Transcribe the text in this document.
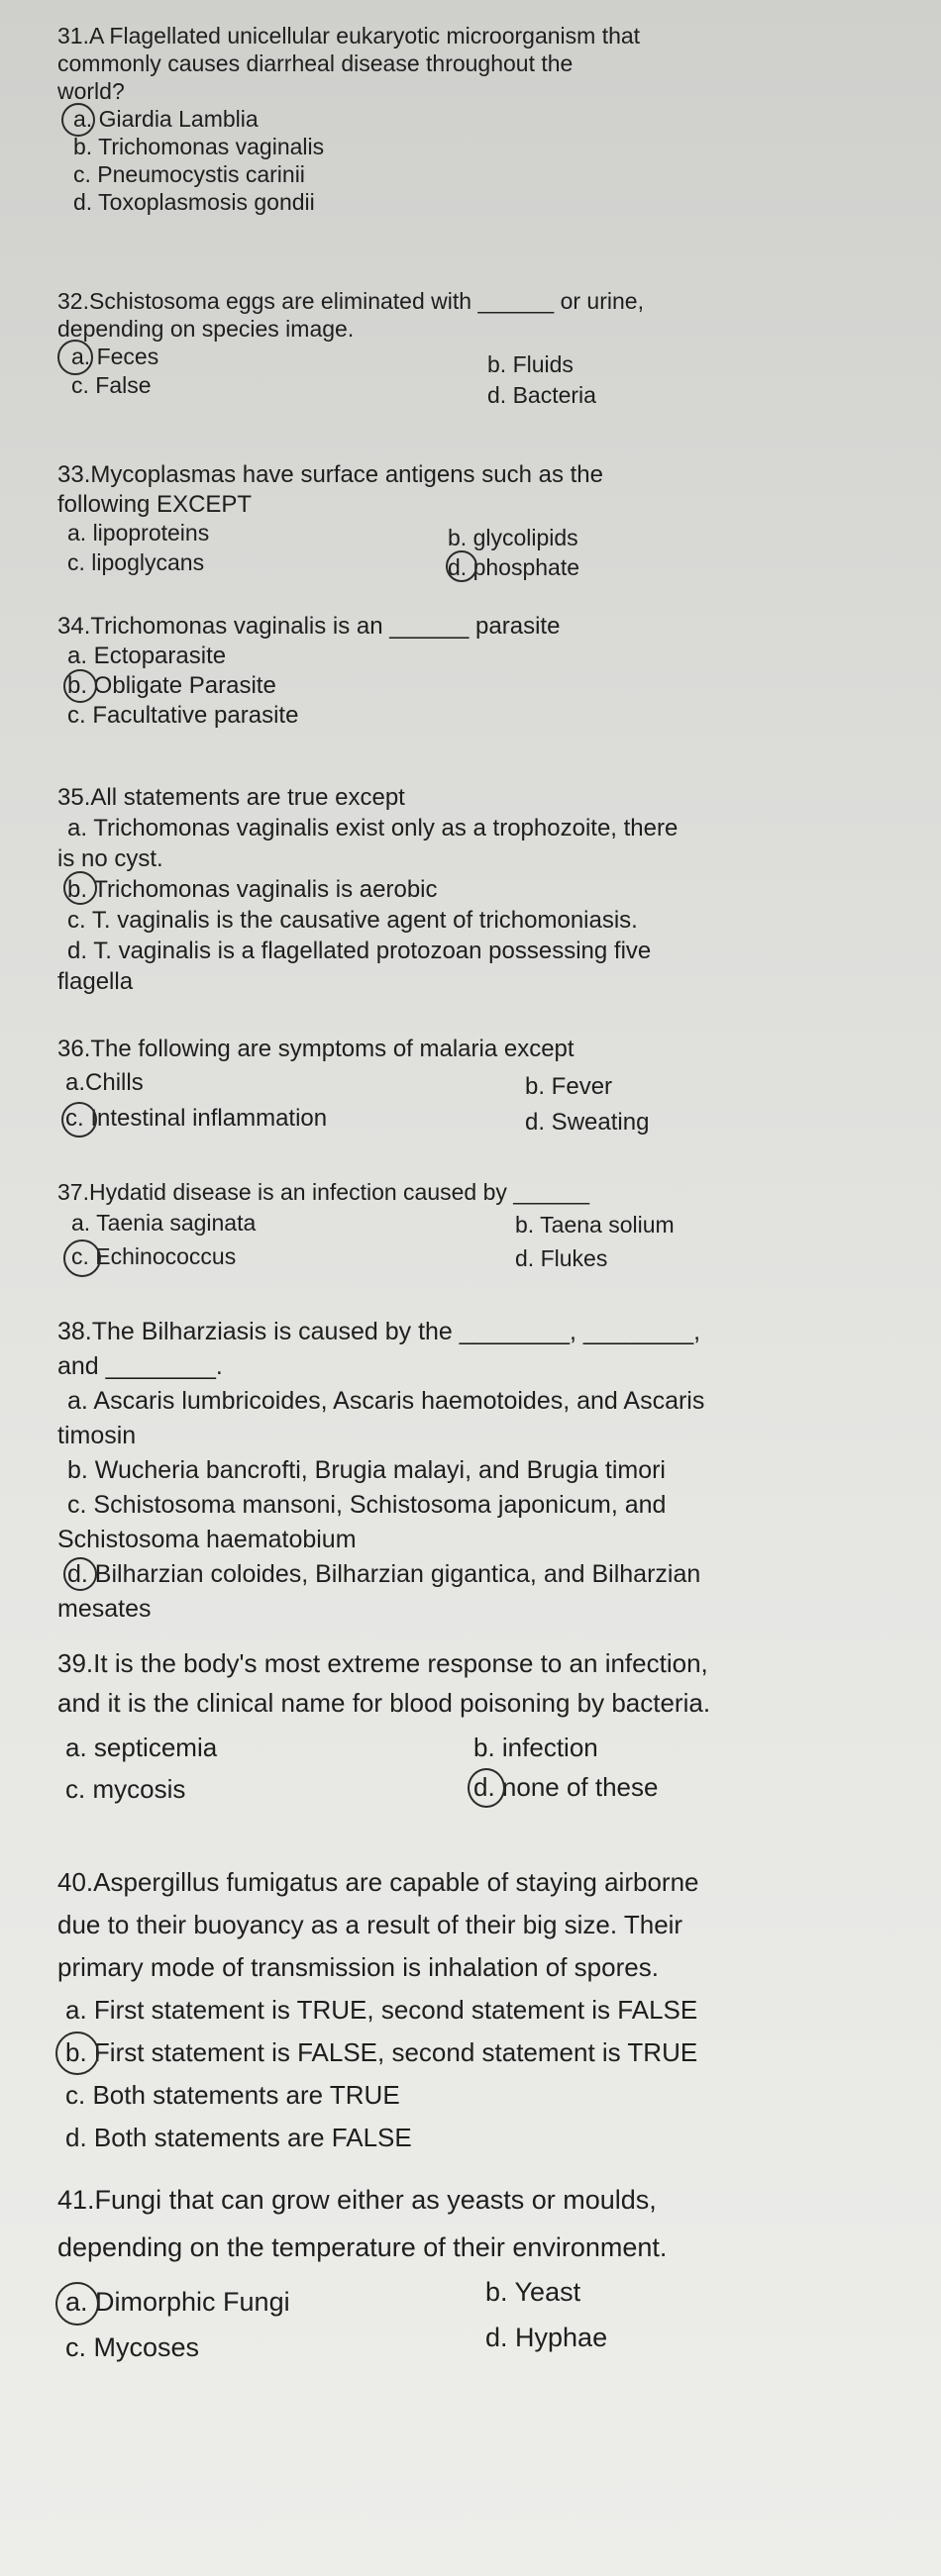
31.A Flagellated unicellular eukaryotic microorganism that
commonly causes diarrheal disease throughout the
world?
a. Giardia Lamblia
b. Trichomonas vaginalis
c. Pneumocystis carinii
d. Toxoplasmosis gondii
32.Schistosoma eggs are eliminated with ______ or urine,
depending on species image.
a. Feces	b. Fluids
c. False	d. Bacteria
33.Mycoplasmas have surface antigens such as the
following EXCEPT
a. lipoproteins	b. glycolipids
c. lipoglycans	d. phosphate
34.Trichomonas vaginalis is an ______ parasite
a. Ectoparasite
b. Obligate Parasite
c. Facultative parasite
35.All statements are true except
a. Trichomonas vaginalis exist only as a trophozoite, there
is no cyst.
b. Trichomonas vaginalis is aerobic
c. T. vaginalis is the causative agent of trichomoniasis.
d. T. vaginalis is a flagellated protozoan possessing five
flagella
36.The following are symptoms of malaria except
a.Chills	b. Fever
c. Intestinal inflammation	d. Sweating
37.Hydatid disease is an infection caused by ______
a. Taenia saginata	b. Taena solium
c. Echinococcus	d. Flukes
38.The Bilharziasis is caused by the ________, ________,
and ________.
a. Ascaris lumbricoides, Ascaris haemotoides, and Ascaris
timosin
b. Wucheria bancrofti, Brugia malayi, and Brugia timori
c. Schistosoma mansoni, Schistosoma japonicum, and
Schistosoma haematobium
d. Bilharzian coloides, Bilharzian gigantica, and Bilharzian
mesates
39.It is the body's most extreme response to an infection,
and it is the clinical name for blood poisoning by bacteria.
a. septicemia	b. infection
c. mycosis	d. none of these
40.Aspergillus fumigatus are capable of staying airborne
due to their buoyancy as a result of their big size. Their
primary mode of transmission is inhalation of spores.
a. First statement is TRUE, second statement is FALSE
b. First statement is FALSE, second statement is TRUE
c. Both statements are TRUE
d. Both statements are FALSE
41.Fungi that can grow either as yeasts or moulds,
depending on the temperature of their environment.
a. Dimorphic Fungi	b. Yeast
c. Mycoses	d. Hyphae
